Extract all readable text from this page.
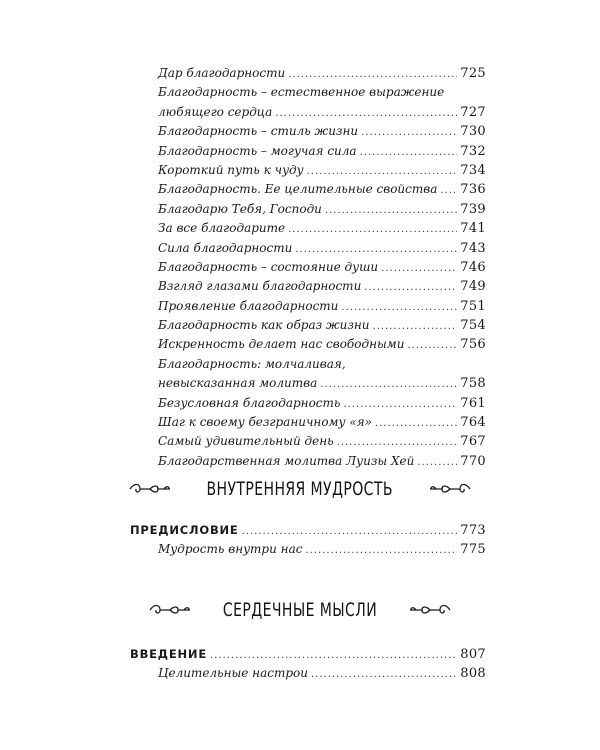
Дар благодарности .....	725
Благодарность – естественное выражение
любящего сердца .....	727
Благодарность – стиль жизни .....	730
Благодарность – могучая сила .....	732
Короткий путь к чуду .....	734
Благодарность. Ее целительные свойства ..... 736
Благодарю Тебя, Господи .....	739
За все благодарите .....	741
Сила благодарности .....	743
Благодарность – состояние души .....	746
Взгляд глазами благодарности .....	749
Проявление благодарности .....	751
Благодарность как образ жизни .....	754
Искренность делает нас свободными .....	756
Благодарность: молчаливая,
невысказанная молитва .....	758
Безусловная благодарность .....	761
Шаг к своему безграничному «я» .....	764
Самый удивительный день .....	767
Благодарственная молитва Луизы Хей .....	770
ВНУТРЕННЯЯ МУДРОСТЬ
ПРЕДИСЛОВИЕ .....	773
Мудрость внутри нас .....	775
СЕРДЕЧНЫЕ МЫСЛИ
ВВЕДЕНИЕ .....	807
Целительные настрои .....	808
